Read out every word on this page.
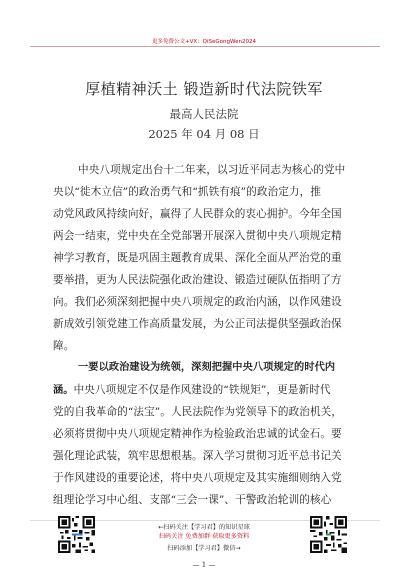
更多免费公文+VX：QiSeGongWen2024
厚植精神沃土 锻造新时代法院铁军
最高人民法院
2025 年 04 月 08 日
中央八项规定出台十二年来，以习近平同志为核心的党中
央以“徙木立信”的政治勇气和“抓铁有痕”的政治定力，推
动党风政风持续向好，赢得了人民群众的衷心拥护。今年全国
两会一结束，党中央在全党部署开展深入贯彻中央八项规定精
神学习教育，既是巩固主题教育成果、深化全面从严治党的重
要举措，更为人民法院强化政治建设、锻造过硬队伍指明了方
向。我们必须深刻把握中央八项规定的政治内涵，以作风建设
新成效引领党建工作高质量发展，为公正司法提供坚强政治保
障。
一要以政治建设为统领，深刻把握中央八项规定的时代内
涵。中央八项规定不仅是作风建设的“铁规矩”，更是新时代
党的自我革命的“法宝”。人民法院作为党领导下的政治机关，
必须将贯彻中央八项规定精神作为检验政治忠诚的试金石。要
强化理论武装，筑牢思想根基。深入学习贯彻习近平总书记关
于作风建设的重要论述，将中央八项规定及其实施细则纳入党
组理论学习中心组、支部“三会一课”、干警政治轮训的核心
←扫码关注【学习君】的知识星球
扫码关注 免费加群 获取更多资料
扫码添加【学习君】微信→
— 1 —
